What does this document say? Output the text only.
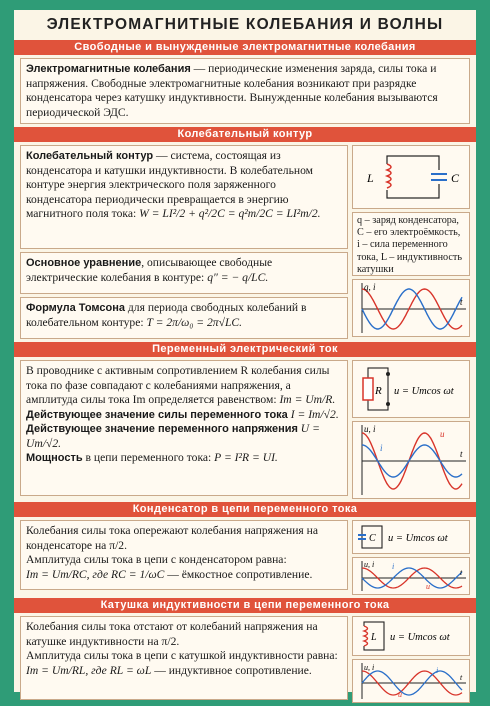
ЭЛЕКТРОМАГНИТНЫЕ КОЛЕБАНИЯ И ВОЛНЫ
Свободные и вынужденные электромагнитные колебания
Электромагнитные колебания — периодические изменения заряда, силы тока и напряжения. Свободные электромагнитные колебания возникают при разрядке конденсатора через катушку индуктивности. Вынужденные колебания вызываются периодической ЭДС.
Колебательный контур
Колебательный контур — система, состоящая из конденсатора и катушки индуктивности. В колебательном контуре энергия электрического поля заряженного конденсатора периодически превращается в энергию магнитного поля тока: W = LI²/2 + q²/2C = q²m/2C = LI²m/2.
Основное уравнение, описывающее свободные электрические колебания в контуре: q″ = − q/LC.
Формула Томсона для периода свободных колебаний в колебательном контуре: T = 2π/ω₀ = 2π√LC.
L	C
q – заряд конденсатора, C – его электроёмкость, i – сила переменного тока, L – индуктивность катушки
q, i
t
Переменный электрический ток
В проводнике с активным сопротивлением R колебания силы тока по фазе совпадают с колебаниями напряжения, а амплитуда силы тока Im определяется равенством: Im = Um/R.
Действующее значение силы переменного тока I = Im/√2.
Действующее значение переменного напряжения U = Um/√2.
Мощность в цепи переменного тока: P = I²R = UI.
R u = Umcos ωt
u, i
t
u
i
Конденсатор в цепи переменного тока
Колебания силы тока опережают колебания напряжения на конденсаторе на π/2.
Амплитуда силы тока в цепи с конденсатором равна:
Im = Um/RC, где RC = 1/ωC — ёмкостное сопротивление.
C u = Umcos ωt
u, i
t
u
i
Катушка индуктивности в цепи переменного тока
Колебания силы тока отстают от колебаний напряжения на катушке индуктивности на π/2.
Амплитуда силы тока в цепи с катушкой индуктивности равна:
Im = Um/RL, где RL = ωL — индуктивное сопротивление.
L u = Umcos ωt
u, i
t
u
i
